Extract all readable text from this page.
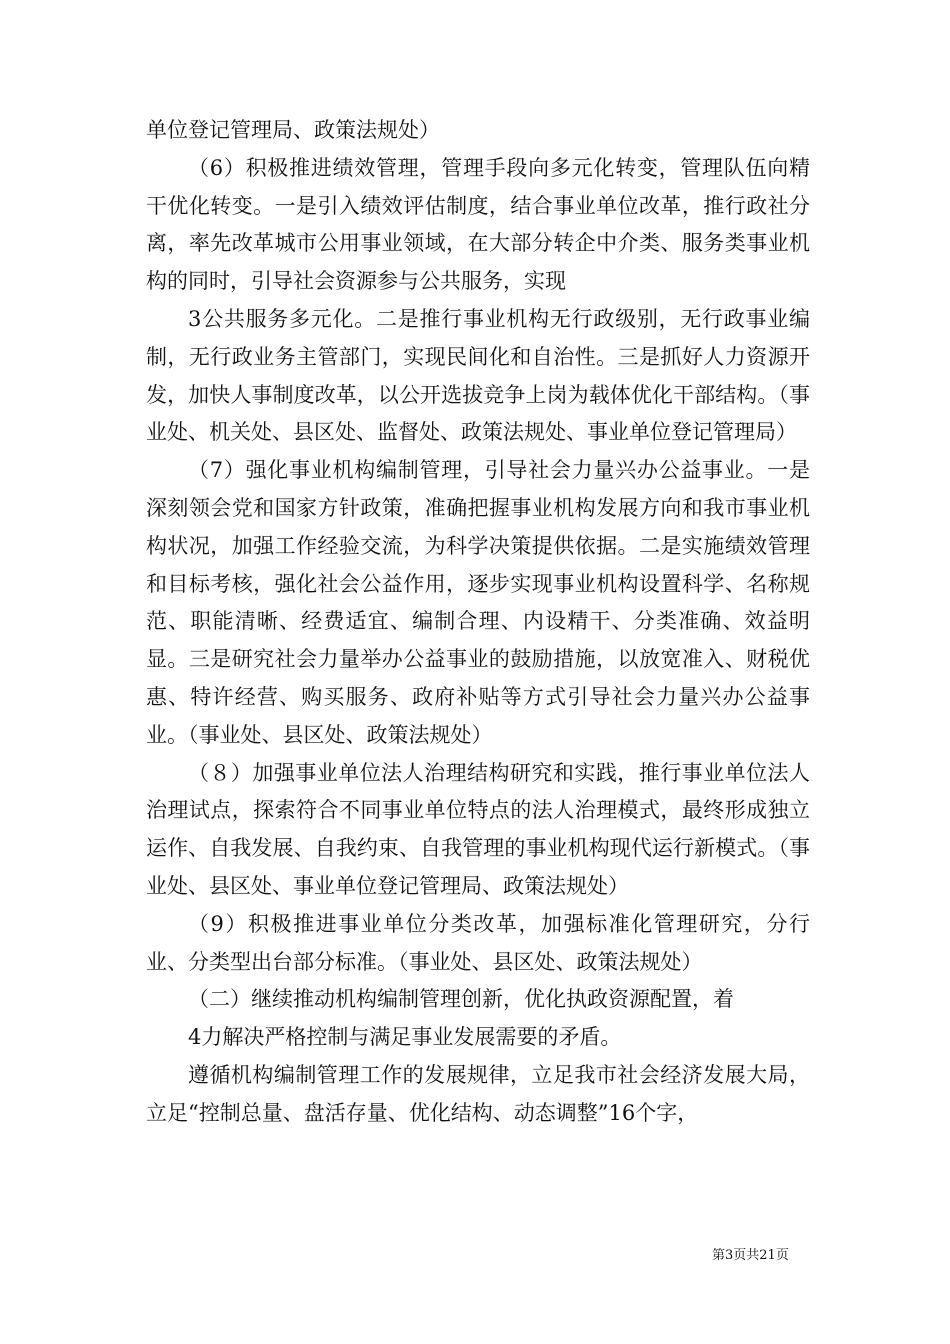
单位登记管理局、政策法规处）

（6）积极推进绩效管理，管理手段向多元化转变，管理队伍向精干优化转变。一是引入绩效评估制度，结合事业单位改革，推行政社分离，率先改革城市公用事业领域，在大部分转企中介类、服务类事业机构的同时，引导社会资源参与公共服务，实现

3公共服务多元化。二是推行事业机构无行政级别，无行政事业编制，无行政业务主管部门，实现民间化和自治性。三是抓好人力资源开发，加快人事制度改革，以公开选拔竞争上岗为载体优化干部结构。（事业处、机关处、县区处、监督处、政策法规处、事业单位登记管理局）

（7）强化事业机构编制管理，引导社会力量兴办公益事业。一是深刻领会党和国家方针政策，准确把握事业机构发展方向和我市事业机构状况，加强工作经验交流，为科学决策提供依据。二是实施绩效管理和目标考核，强化社会公益作用，逐步实现事业机构设置科学、名称规范、职能清晰、经费适宜、编制合理、内设精干、分类准确、效益明显。三是研究社会力量举办公益事业的鼓励措施，以放宽准入、财税优惠、特许经营、购买服务、政府补贴等方式引导社会力量兴办公益事业。（事业处、县区处、政策法规处）

（８）加强事业单位法人治理结构研究和实践，推行事业单位法人治理试点，探索符合不同事业单位特点的法人治理模式，最终形成独立运作、自我发展、自我约束、自我管理的事业机构现代运行新模式。（事业处、县区处、事业单位登记管理局、政策法规处）

（9）积极推进事业单位分类改革，加强标准化管理研究，分行业、分类型出台部分标准。（事业处、县区处、政策法规处）

（二）继续推动机构编制管理创新，优化执政资源配置，着

4力解决严格控制与满足事业发展需要的矛盾。

遵循机构编制管理工作的发展规律，立足我市社会经济发展大局，立足“控制总量、盘活存量、优化结构、动态调整”16个字，

第3页共21页
